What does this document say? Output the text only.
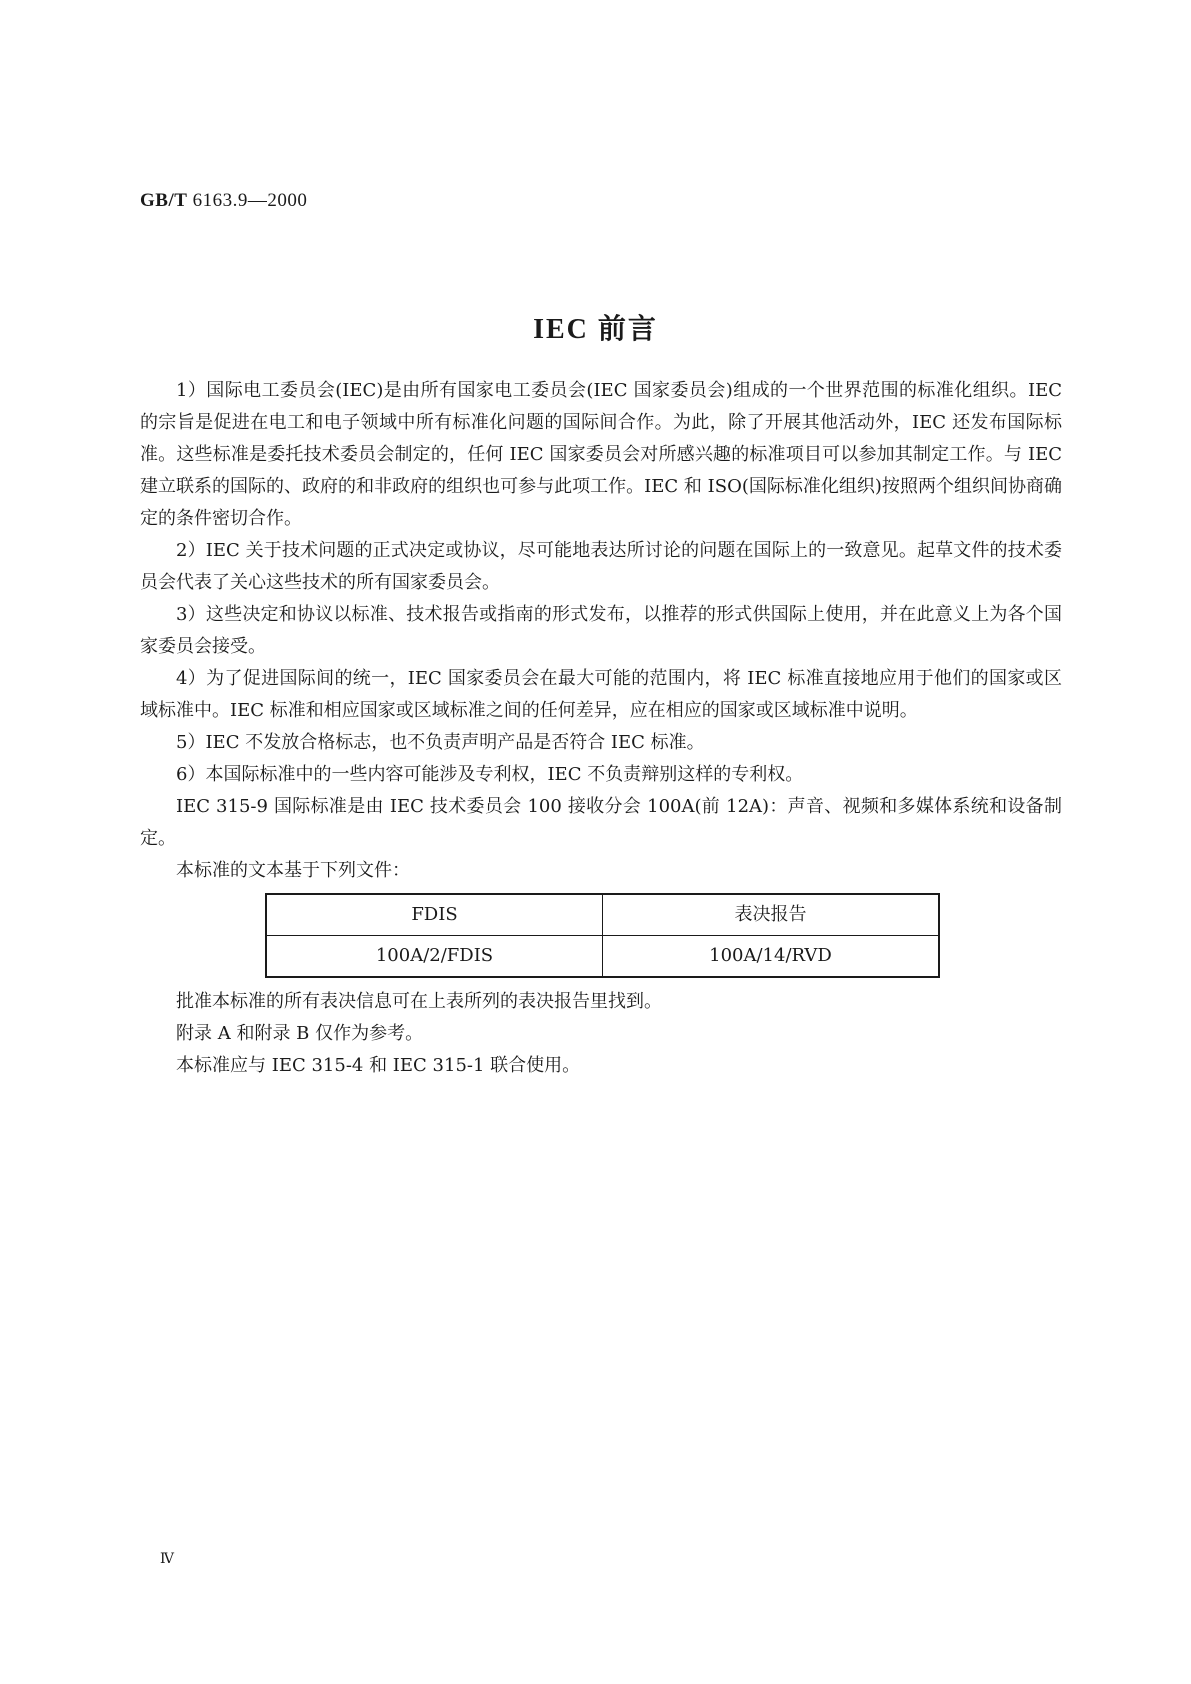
GB/T 6163.9—2000
IEC 前言

1）国际电工委员会(IEC)是由所有国家电工委员会(IEC 国家委员会)组成的一个世界范围的标准化组织。IEC 的宗旨是促进在电工和电子领域中所有标准化问题的国际间合作。为此，除了开展其他活动外，IEC 还发布国际标准。这些标准是委托技术委员会制定的，任何 IEC 国家委员会对所感兴趣的标准项目可以参加其制定工作。与 IEC 建立联系的国际的、政府的和非政府的组织也可参与此项工作。IEC 和 ISO(国际标准化组织)按照两个组织间协商确定的条件密切合作。

2）IEC 关于技术问题的正式决定或协议，尽可能地表达所讨论的问题在国际上的一致意见。起草文件的技术委员会代表了关心这些技术的所有国家委员会。

3）这些决定和协议以标准、技术报告或指南的形式发布，以推荐的形式供国际上使用，并在此意义上为各个国家委员会接受。

4）为了促进国际间的统一，IEC 国家委员会在最大可能的范围内，将 IEC 标准直接地应用于他们的国家或区域标准中。IEC 标准和相应国家或区域标准之间的任何差异，应在相应的国家或区域标准中说明。

5）IEC 不发放合格标志，也不负责声明产品是否符合 IEC 标准。

6）本国际标准中的一些内容可能涉及专利权，IEC 不负责辩别这样的专利权。

IEC 315-9 国际标准是由 IEC 技术委员会 100 接收分会 100A(前 12A)：声音、视频和多媒体系统和设备制定。

本标准的文本基于下列文件：

FDIS	表决报告
100A/2/FDIS	100A/14/RVD

批准本标准的所有表决信息可在上表所列的表决报告里找到。

附录 A 和附录 B 仅作为参考。

本标准应与 IEC 315-4 和 IEC 315-1 联合使用。

Ⅳ
